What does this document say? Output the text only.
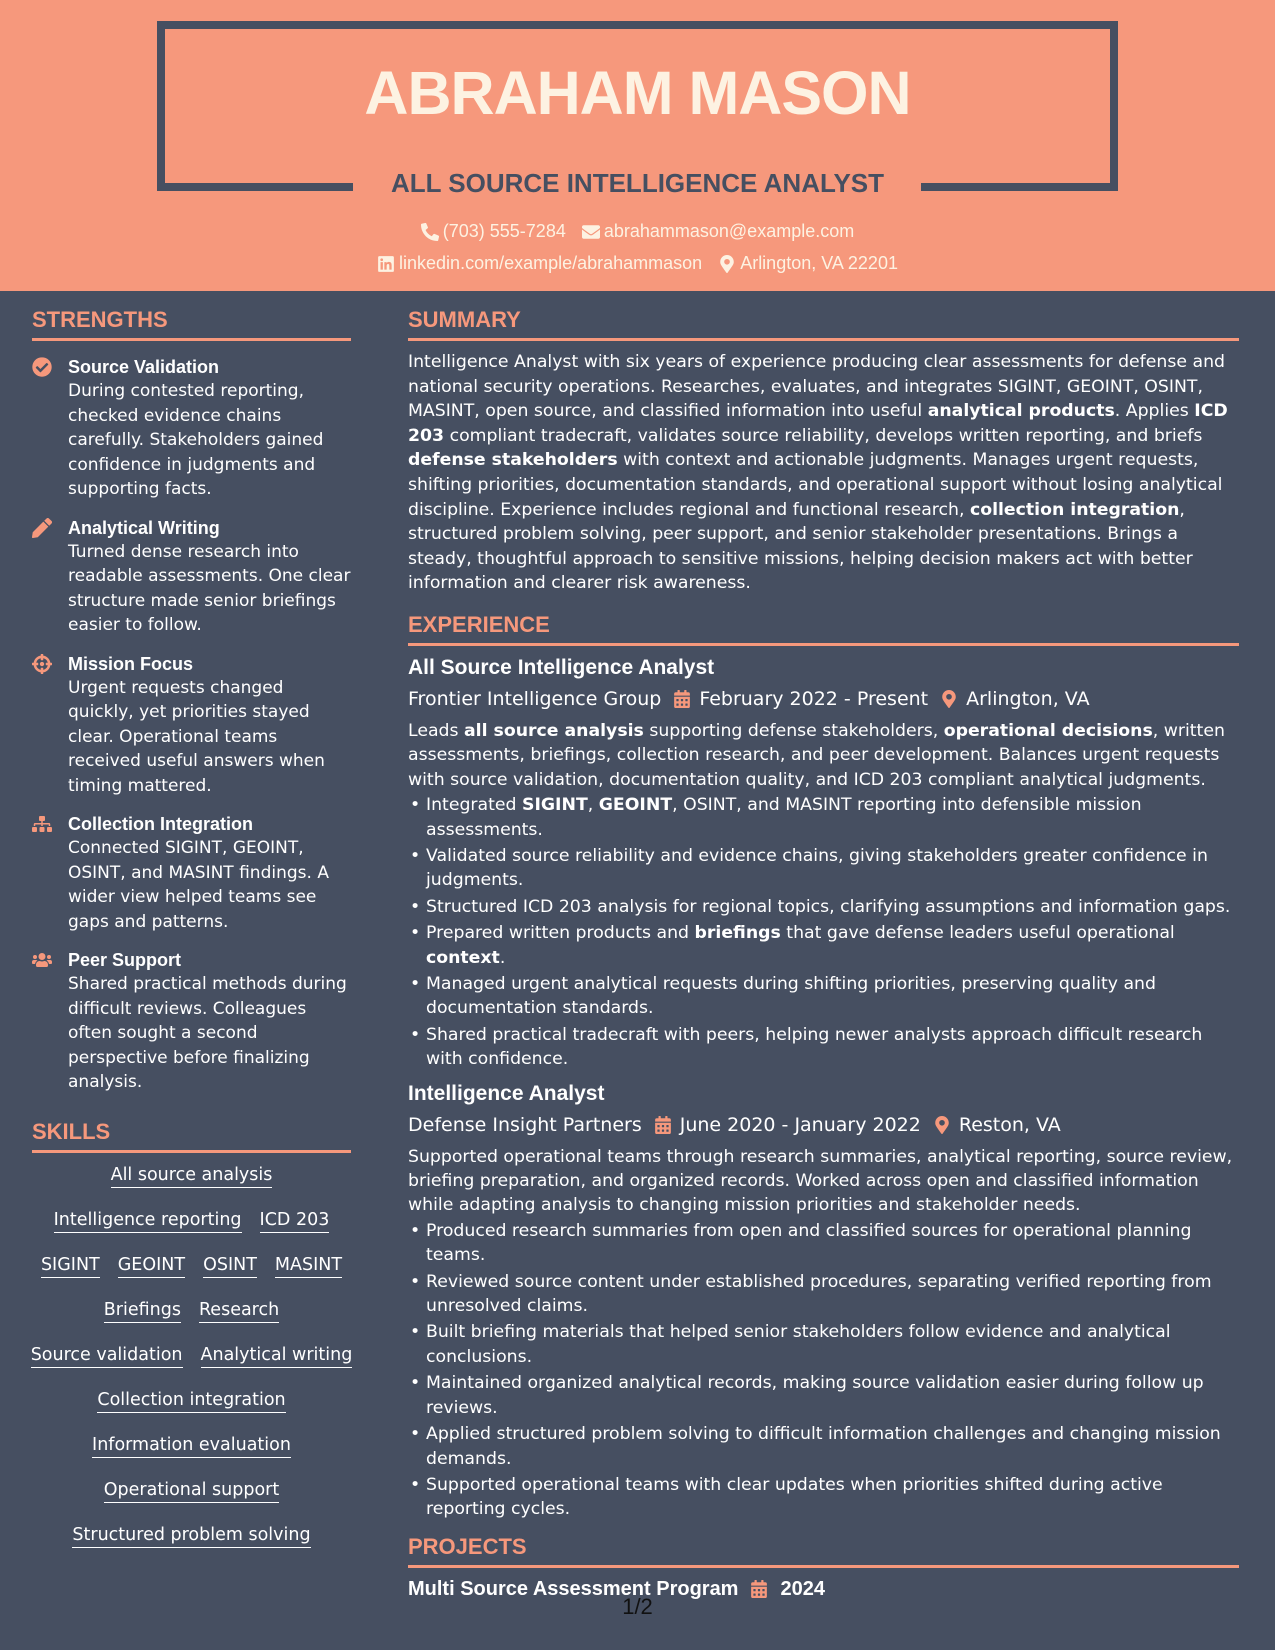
ABRAHAM MASON
ALL SOURCE INTELLIGENCE ANALYST
(703) 555-7284 abrahammason@example.com
linkedin.com/example/abrahammason Arlington, VA 22201
STRENGTHS
Source Validation
During contested reporting, checked evidence chains carefully. Stakeholders gained confidence in judgments and supporting facts.
Analytical Writing
Turned dense research into readable assessments. One clear structure made senior briefings easier to follow.
Mission Focus
Urgent requests changed quickly, yet priorities stayed clear. Operational teams received useful answers when timing mattered.
Collection Integration
Connected SIGINT, GEOINT, OSINT, and MASINT findings. A wider view helped teams see gaps and patterns.
Peer Support
Shared practical methods during difficult reviews. Colleagues often sought a second perspective before finalizing analysis.
SKILLS
All source analysis
Intelligence reporting ICD 203
SIGINT GEOINT OSINT MASINT
Briefings Research
Source validation Analytical writing
Collection integration
Information evaluation
Operational support
Structured problem solving
SUMMARY
Intelligence Analyst with six years of experience producing clear assessments for defense and national security operations. Researches, evaluates, and integrates SIGINT, GEOINT, OSINT, MASINT, open source, and classified information into useful analytical products. Applies ICD 203 compliant tradecraft, validates source reliability, develops written reporting, and briefs defense stakeholders with context and actionable judgments. Manages urgent requests, shifting priorities, documentation standards, and operational support without losing analytical discipline. Experience includes regional and functional research, collection integration, structured problem solving, peer support, and senior stakeholder presentations. Brings a steady, thoughtful approach to sensitive missions, helping decision makers act with better information and clearer risk awareness.
EXPERIENCE
All Source Intelligence Analyst
Frontier Intelligence Group February 2022 - Present Arlington, VA
Leads all source analysis supporting defense stakeholders, operational decisions, written assessments, briefings, collection research, and peer development. Balances urgent requests with source validation, documentation quality, and ICD 203 compliant analytical judgments.
• Integrated SIGINT, GEOINT, OSINT, and MASINT reporting into defensible mission assessments.
• Validated source reliability and evidence chains, giving stakeholders greater confidence in judgments.
• Structured ICD 203 analysis for regional topics, clarifying assumptions and information gaps.
• Prepared written products and briefings that gave defense leaders useful operational context.
• Managed urgent analytical requests during shifting priorities, preserving quality and documentation standards.
• Shared practical tradecraft with peers, helping newer analysts approach difficult research with confidence.
Intelligence Analyst
Defense Insight Partners June 2020 - January 2022 Reston, VA
Supported operational teams through research summaries, analytical reporting, source review, briefing preparation, and organized records. Worked across open and classified information while adapting analysis to changing mission priorities and stakeholder needs.
• Produced research summaries from open and classified sources for operational planning teams.
• Reviewed source content under established procedures, separating verified reporting from unresolved claims.
• Built briefing materials that helped senior stakeholders follow evidence and analytical conclusions.
• Maintained organized analytical records, making source validation easier during follow up reviews.
• Applied structured problem solving to difficult information challenges and changing mission demands.
• Supported operational teams with clear updates when priorities shifted during active reporting cycles.
PROJECTS
Multi Source Assessment Program 2024
1/2
